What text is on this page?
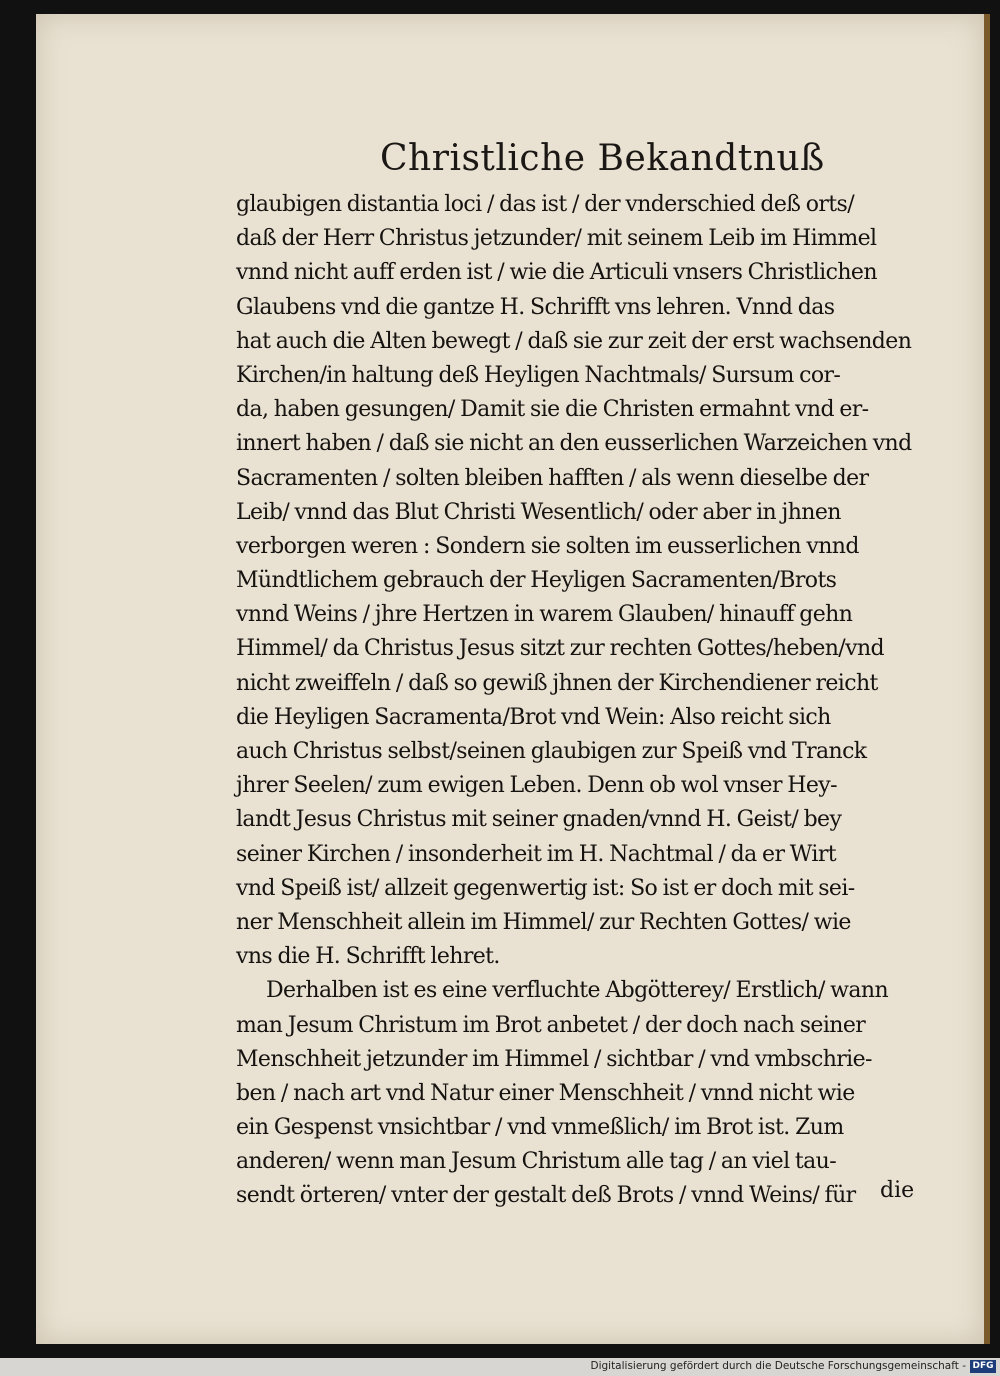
Christliche Bekandtnuß
glaubigen distantia loci / das ist / der vnderschied deß orts/
daß der Herr Christus jetzunder/ mit seinem Leib im Himmel
vnnd nicht auff erden ist / wie die Articuli vnsers Christlichen
Glaubens vnd die gantze H. Schrifft vns lehren. Vnnd das
hat auch die Alten bewegt / daß sie zur zeit der erst wachsenden
Kirchen/in haltung deß Heyligen Nachtmals/ Sursum cor-
da, haben gesungen/ Damit sie die Christen ermahnt vnd er-
innert haben / daß sie nicht an den eusserlichen Warzeichen vnd
Sacramenten / solten bleiben hafften / als wenn dieselbe der
Leib/ vnnd das Blut Christi Wesentlich/ oder aber in jhnen
verborgen weren : Sondern sie solten im eusserlichen vnnd
Mündtlichem gebrauch der Heyligen Sacramenten/Brots
vnnd Weins / jhre Hertzen in warem Glauben/ hinauff gehn
Himmel/ da Christus Jesus sitzt zur rechten Gottes/heben/vnd
nicht zweiffeln / daß so gewiß jhnen der Kirchendiener reicht
die Heyligen Sacramenta/Brot vnd Wein: Also reicht sich
auch Christus selbst/seinen glaubigen zur Speiß vnd Tranck
jhrer Seelen/ zum ewigen Leben. Denn ob wol vnser Hey-
landt Jesus Christus mit seiner gnaden/vnnd H. Geist/ bey
seiner Kirchen / insonderheit im H. Nachtmal / da er Wirt
vnd Speiß ist/ allzeit gegenwertig ist: So ist er doch mit sei-
ner Menschheit allein im Himmel/ zur Rechten Gottes/ wie
vns die H. Schrifft lehret.
Derhalben ist es eine verfluchte Abgötterey/ Erstlich/ wann
man Jesum Christum im Brot anbetet / der doch nach seiner
Menschheit jetzunder im Himmel / sichtbar / vnd vmbschrie-
ben / nach art vnd Natur einer Menschheit / vnnd nicht wie
ein Gespenst vnsichtbar / vnd vnmeßlich/ im Brot ist. Zum
anderen/ wenn man Jesum Christum alle tag / an viel tau-
sendt örteren/ vnter der gestalt deß Brots / vnnd Weins/ für	die
Digitalisierung gefördert durch die Deutsche Forschungsgemeinschaft - DFG
